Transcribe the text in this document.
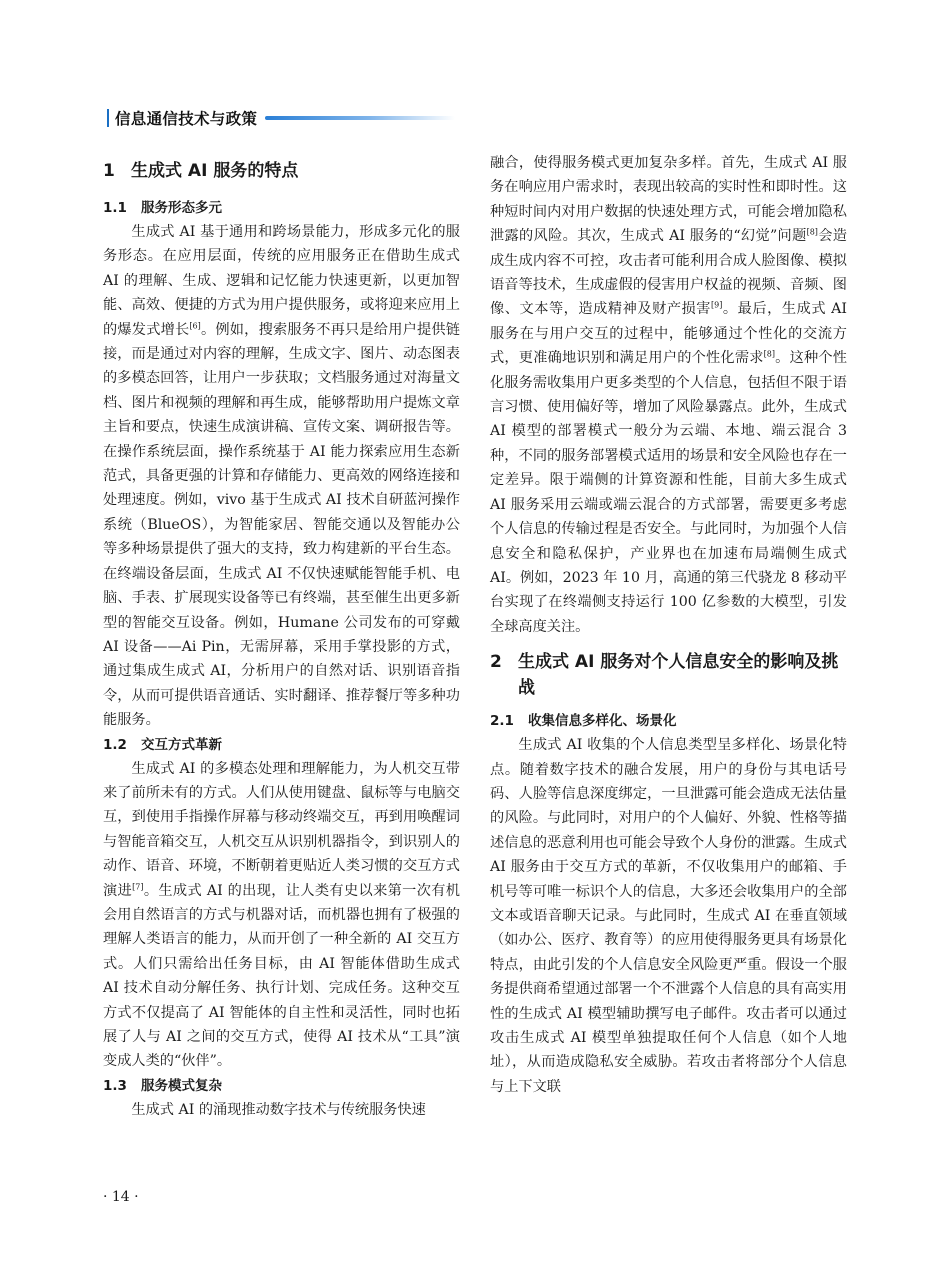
信息通信技术与政策
1 生成式 AI 服务的特点
1.1	服务形态多元

生成式 AI 基于通用和跨场景能力，形成多元化的服务形态。在应用层面，传统的应用服务正在借助生成式 AI 的理解、生成、逻辑和记忆能力快速更新，以更加智能、高效、便捷的方式为用户提供服务，或将迎来应用上的爆发式增长[6]。例如，搜索服务不再只是给用户提供链接，而是通过对内容的理解，生成文字、图片、动态图表的多模态回答，让用户一步获取；文档服务通过对海量文档、图片和视频的理解和再生成，能够帮助用户提炼文章主旨和要点，快速生成演讲稿、宣传文案、调研报告等。在操作系统层面，操作系统基于 AI 能力探索应用生态新范式，具备更强的计算和存储能力、更高效的网络连接和处理速度。例如，vivo 基于生成式 AI 技术自研蓝河操作系统（BlueOS），为智能家居、智能交通以及智能办公等多种场景提供了强大的支持，致力构建新的平台生态。在终端设备层面，生成式 AI 不仅快速赋能智能手机、电脑、手表、扩展现实设备等已有终端，甚至催生出更多新型的智能交互设备。例如，Humane 公司发布的可穿戴 AI 设备——Ai Pin，无需屏幕，采用手掌投影的方式，通过集成生成式 AI，分析用户的自然对话、识别语音指令，从而可提供语音通话、实时翻译、推荐餐厅等多种功能服务。

1.2	交互方式革新

生成式 AI 的多模态处理和理解能力，为人机交互带来了前所未有的方式。人们从使用键盘、鼠标等与电脑交互，到使用手指操作屏幕与移动终端交互，再到用唤醒词与智能音箱交互，人机交互从识别机器指令，到识别人的动作、语音、环境，不断朝着更贴近人类习惯的交互方式演进[7]。生成式 AI 的出现，让人类有史以来第一次有机会用自然语言的方式与机器对话，而机器也拥有了极强的理解人类语言的能力，从而开创了一种全新的 AI 交互方式。人们只需给出任务目标，由 AI 智能体借助生成式 AI 技术自动分解任务、执行计划、完成任务。这种交互方式不仅提高了 AI 智能体的自主性和灵活性，同时也拓展了人与 AI 之间的交互方式，使得 AI 技术从“工具”演变成人类的“伙伴”。

1.3	服务模式复杂

生成式 AI 的涌现推动数字技术与传统服务快速

融合，使得服务模式更加复杂多样。首先，生成式 AI 服务在响应用户需求时，表现出较高的实时性和即时性。这种短时间内对用户数据的快速处理方式，可能会增加隐私泄露的风险。其次，生成式 AI 服务的“幻觉”问题[8]会造成生成内容不可控，攻击者可能利用合成人脸图像、模拟语音等技术，生成虚假的侵害用户权益的视频、音频、图像、文本等，造成精神及财产损害[9]。最后，生成式 AI 服务在与用户交互的过程中，能够通过个性化的交流方式，更准确地识别和满足用户的个性化需求[8]。这种个性化服务需收集用户更多类型的个人信息，包括但不限于语言习惯、使用偏好等，增加了风险暴露点。此外，生成式 AI 模型的部署模式一般分为云端、本地、端云混合 3 种，不同的服务部署模式适用的场景和安全风险也存在一定差异。限于端侧的计算资源和性能，目前大多生成式 AI 服务采用云端或端云混合的方式部署，需要更多考虑个人信息的传输过程是否安全。与此同时，为加强个人信息安全和隐私保护，产业界也在加速布局端侧生成式 AI。例如，2023 年 10 月，高通的第三代骁龙 8 移动平台实现了在终端侧支持运行 100 亿参数的大模型，引发全球高度关注。

2 生成式 AI 服务对个人信息安全的影响及挑战
2.1	收集信息多样化、场景化

生成式 AI 收集的个人信息类型呈多样化、场景化特点。随着数字技术的融合发展，用户的身份与其电话号码、人脸等信息深度绑定，一旦泄露可能会造成无法估量的风险。与此同时，对用户的个人偏好、外貌、性格等描述信息的恶意利用也可能会导致个人身份的泄露。生成式 AI 服务由于交互方式的革新，不仅收集用户的邮箱、手机号等可唯一标识个人的信息，大多还会收集用户的全部文本或语音聊天记录。与此同时，生成式 AI 在垂直领域（如办公、医疗、教育等）的应用使得服务更具有场景化特点，由此引发的个人信息安全风险更严重。假设一个服务提供商希望通过部署一个不泄露个人信息的具有高实用性的生成式 AI 模型辅助撰写电子邮件。攻击者可以通过攻击生成式 AI 模型单独提取任何个人信息（如个人地址），从而造成隐私安全威胁。若攻击者将部分个人信息与上下文联

· 14 ·
